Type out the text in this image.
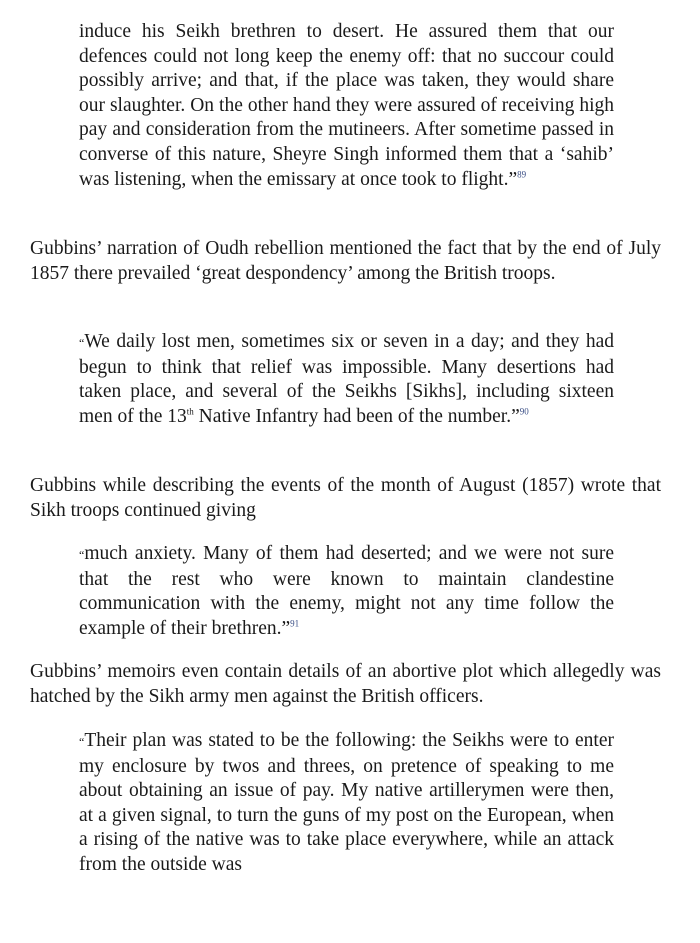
induce his Seikh brethren to desert. He assured them that our defences could not long keep the enemy off: that no succour could possibly arrive; and that, if the place was taken, they would share our slaughter. On the other hand they were assured of receiving high pay and consideration from the mutineers. After sometime passed in converse of this nature, Sheyre Singh informed them that a ‘sahib’ was listening, when the emissary at once took to flight.”$^{89}$
Gubbins’ narration of Oudh rebellion mentioned the fact that by the end of July 1857 there prevailed ‘great despondency’ among the British troops.
“We daily lost men, sometimes six or seven in a day; and they had begun to think that relief was impossible. Many desertions had taken place, and several of the Seikhs [Sikhs], including sixteen men of the 13th Native Infantry had been of the number.”$^{90}$
Gubbins while describing the events of the month of August (1857) wrote that Sikh troops continued giving
“much anxiety. Many of them had deserted; and we were not sure that the rest who were known to maintain clandestine communication with the enemy, might not any time follow the example of their brethren.”$^{91}$
Gubbins’ memoirs even contain details of an abortive plot which allegedly was hatched by the Sikh army men against the British officers.
“Their plan was stated to be the following: the Seikhs were to enter my enclosure by twos and threes, on pretence of speaking to me about obtaining an issue of pay. My native artillerymen were then, at a given signal, to turn the guns of my post on the European, when a rising of the native was to take place everywhere, while an attack from the outside was
